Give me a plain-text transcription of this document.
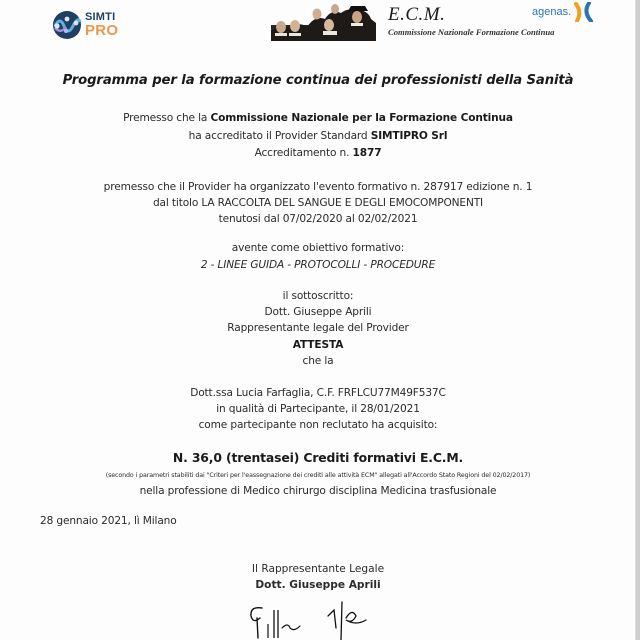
SIMTI
PRO
E.C.M.
Commissione Nazionale Formazione Continua
agenas.
Programma per la formazione continua dei professionisti della Sanità
Premesso che la Commissione Nazionale per la Formazione Continua
ha accreditato il Provider Standard SIMTIPRO Srl
Accreditamento n. 1877
premesso che il Provider ha organizzato l'evento formativo n. 287917 edizione n. 1
dal titolo LA RACCOLTA DEL SANGUE E DEGLI EMOCOMPONENTI
tenutosi dal 07/02/2020 al 02/02/2021
avente come obiettivo formativo:
2 - LINEE GUIDA - PROTOCOLLI - PROCEDURE
il sottoscritto:
Dott. Giuseppe Aprili
Rappresentante legale del Provider
ATTESTA
che la
Dott.ssa Lucia Farfaglia, C.F. FRFLCU77M49F537C
in qualità di Partecipante, il 28/01/2021
come partecipante non reclutato ha acquisito:
N. 36,0 (trentasei) Crediti formativi E.C.M.
(secondo i parametri stabiliti dai "Criteri per l'eassegnazione dei crediti alle attività ECM" allegati all'Accordo Stato Regioni del 02/02/2017)
nella professione di Medico chirurgo disciplina Medicina trasfusionale
28 gennaio 2021, lì Milano
Il Rappresentante Legale
Dott. Giuseppe Aprili
